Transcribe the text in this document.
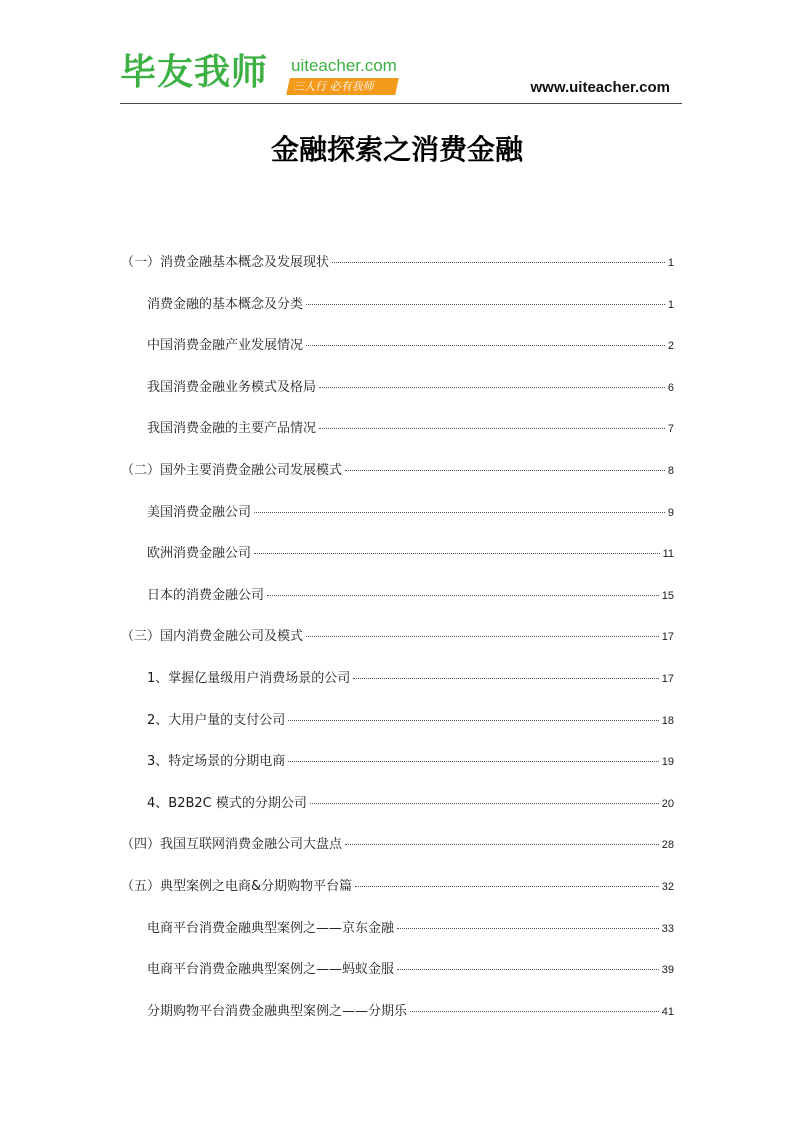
毕友我师 uiteacher.com
三人行 必有我师	www.uiteacher.com
金融探索之消费金融
（一）消费金融基本概念及发展现状	1
消费金融的基本概念及分类	1
中国消费金融产业发展情况	2
我国消费金融业务模式及格局	6
我国消费金融的主要产品情况	7
（二）国外主要消费金融公司发展模式	8
美国消费金融公司	9
欧洲消费金融公司	11
日本的消费金融公司	15
（三）国内消费金融公司及模式	17
1、掌握亿量级用户消费场景的公司	17
2、大用户量的支付公司	18
3、特定场景的分期电商	19
4、B2B2C 模式的分期公司	20
（四）我国互联网消费金融公司大盘点	28
（五）典型案例之电商&分期购物平台篇	32
电商平台消费金融典型案例之——京东金融	33
电商平台消费金融典型案例之——蚂蚁金服	39
分期购物平台消费金融典型案例之——分期乐	41
